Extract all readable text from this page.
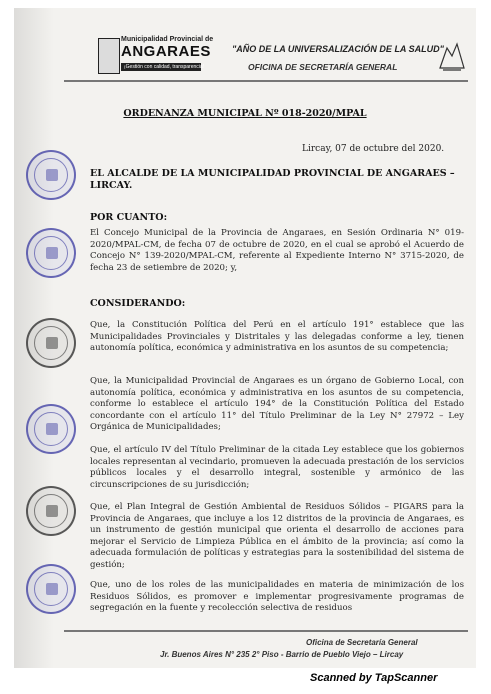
Municipalidad Provincial de
ANGARAES
¡Gestión con calidad, transparencia!
"AÑO DE LA UNIVERSALIZACIÓN DE LA SALUD"
OFICINA DE SECRETARÍA GENERAL
ORDENANZA MUNICIPAL Nº 018-2020/MPAL
Lircay, 07 de octubre del 2020.
EL ALCALDE DE LA MUNICIPALIDAD PROVINCIAL DE ANGARAES – LIRCAY.
POR CUANTO:
El Concejo Municipal de la Provincia de Angaraes, en Sesión Ordinaria N° 019-2020/MPAL-CM, de fecha 07 de octubre de 2020, en el cual se aprobó el Acuerdo de Concejo N° 139-2020/MPAL-CM, referente al Expediente Interno N° 3715-2020, de fecha 23 de setiembre de 2020; y,
CONSIDERANDO:
Que, la Constitución Política del Perú en el artículo 191° establece que las Municipalidades Provinciales y Distritales y las delegadas conforme a ley, tienen autonomía política, económica y administrativa en los asuntos de su competencia;
Que, la Municipalidad Provincial de Angaraes es un órgano de Gobierno Local, con autonomía política, económica y administrativa en los asuntos de su competencia, conforme lo establece el artículo 194° de la Constitución Política del Estado concordante con el artículo 11° del Título Preliminar de la Ley N° 27972 – Ley Orgánica de Municipalidades;
Que, el artículo IV del Título Preliminar de la citada Ley establece que los gobiernos locales representan al vecindario, promueven la adecuada prestación de los servicios públicos locales y el desarrollo integral, sostenible y armónico de las circunscripciones de su jurisdicción;
Que, el Plan Integral de Gestión Ambiental de Residuos Sólidos – PIGARS para la Provincia de Angaraes, que incluye a los 12 distritos de la provincia de Angaraes, es un instrumento de gestión municipal que orienta el desarrollo de acciones para mejorar el Servicio de Limpieza Pública en el ámbito de la provincia; así como la adecuada formulación de políticas y estrategias para la sostenibilidad del sistema de gestión;
Que, uno de los roles de las municipalidades en materia de minimización de los Residuos Sólidos, es promover e implementar progresivamente programas de segregación en la fuente y recolección selectiva de residuos
Oficina de Secretaría General
Jr. Buenos Aires N° 235 2° Piso - Barrio de Pueblo Viejo – Lircay
Scanned by TapScanner
